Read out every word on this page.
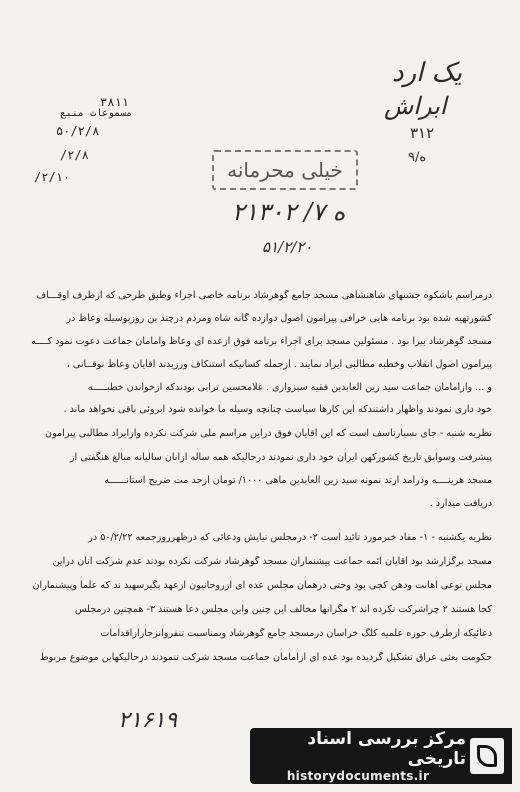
یک ارد
ابراش
۳۱۲
۹/ه
۳۸۱۱
مسموعات منبع
۵۰/۲/۸
/۲/۸
/۲/۱۰	خیلی محرمانه
۲۱۳۰۲ /ه ۷
۵۱/۲/۲۰
درمراسم باشکوه جشنهای شاهنشاهی مسجد جامع گوهرشاد برنامه خاصی اجراء وطبق طرحی که ازطرف اوقـــاف
کشورتهیه شده بود برنامه هایی خرافی پیرامون اصول دوازده گانه شاه ومردم درچند بن روزبوسیله وعاظ در
مسجد گوهرشاد بیرا بود . مسئولین مسجد برای اجراء برنامه فوق ازعده ای وعاظ وامامان جماعت دعوت نمود کــــه
پیرامون اصول انقلاب وخطبه مطالبی ایراد نمایند . ازجمله کسانیکه استنکاف ورزیدند آقایان وعاظ نوقــانی ،
و ... وازامامان جماعت سید زین العابدین فقیه سبزواری . غلامحسین ترابی بودندکه ازخواندن خطبـــــه
خود داری نمودند واظهار داشتندکه این کارها سیاست چنانچه وسیله ما خوانده شود آبروئی باقی نخواهد ماند .
نظریه شنبه - جای بسیارتاسف است که این آقایان فوق دراین مراسم ملی شرکت نکرده وازایراد مطالبی پیرامون
پیشرفت وسوابق تاریخ کشورکهن ایران خود داری نمودند درحالیکه همه ساله ازآنان سالیانه مبالغ هنگفتی از
مسجد هرینــــه ودرآمد ارتد نمونه سید زین العابدین ماهی ۱۰۰۰/ تومان ازحد مت ضریح آستانــــــه
دریافت میدارد .
نظریه یکشنبه - ۱- مفاد خبرمورد تائید است ۲- درمجلس نیایش ودعائی که درظهرروزجمعه ۵۰/۲/۲۲ در
مسجد برگزارشد بود آقایان ائمه جماعت پیشنماران مسجد گوهرشاد شرکت نکرده بودند عدم شرکت آنان دراین
مجلس نوعی اهانت ودهن کجی بود وحتی درهمان مجلس عده ای ازروحانیون ازعهد بگیرسهید ند که علما وپیشنماران
کجا هستند ۲ چراشرکت نکرده اند ۲ مگرآنها مخالف این چنین واین مجلس دعا هستند ۳- همچنین درمجلس
دعائیکه ازطرف حوزه علمیه کلگ خراسان درمسجد جامع گوهرشاد وبمناسبت تنفروانزجارازاقدامات
حکومت بعثی عراق تشکیل گردیده بود عده ای ازامامان جماعت مسجد شرکت ننمودند درحالیکهاین موضوع مربوط
۲۱۶۱۹
مرکز بررسی اسناد تاریخی
historydocuments.ir
